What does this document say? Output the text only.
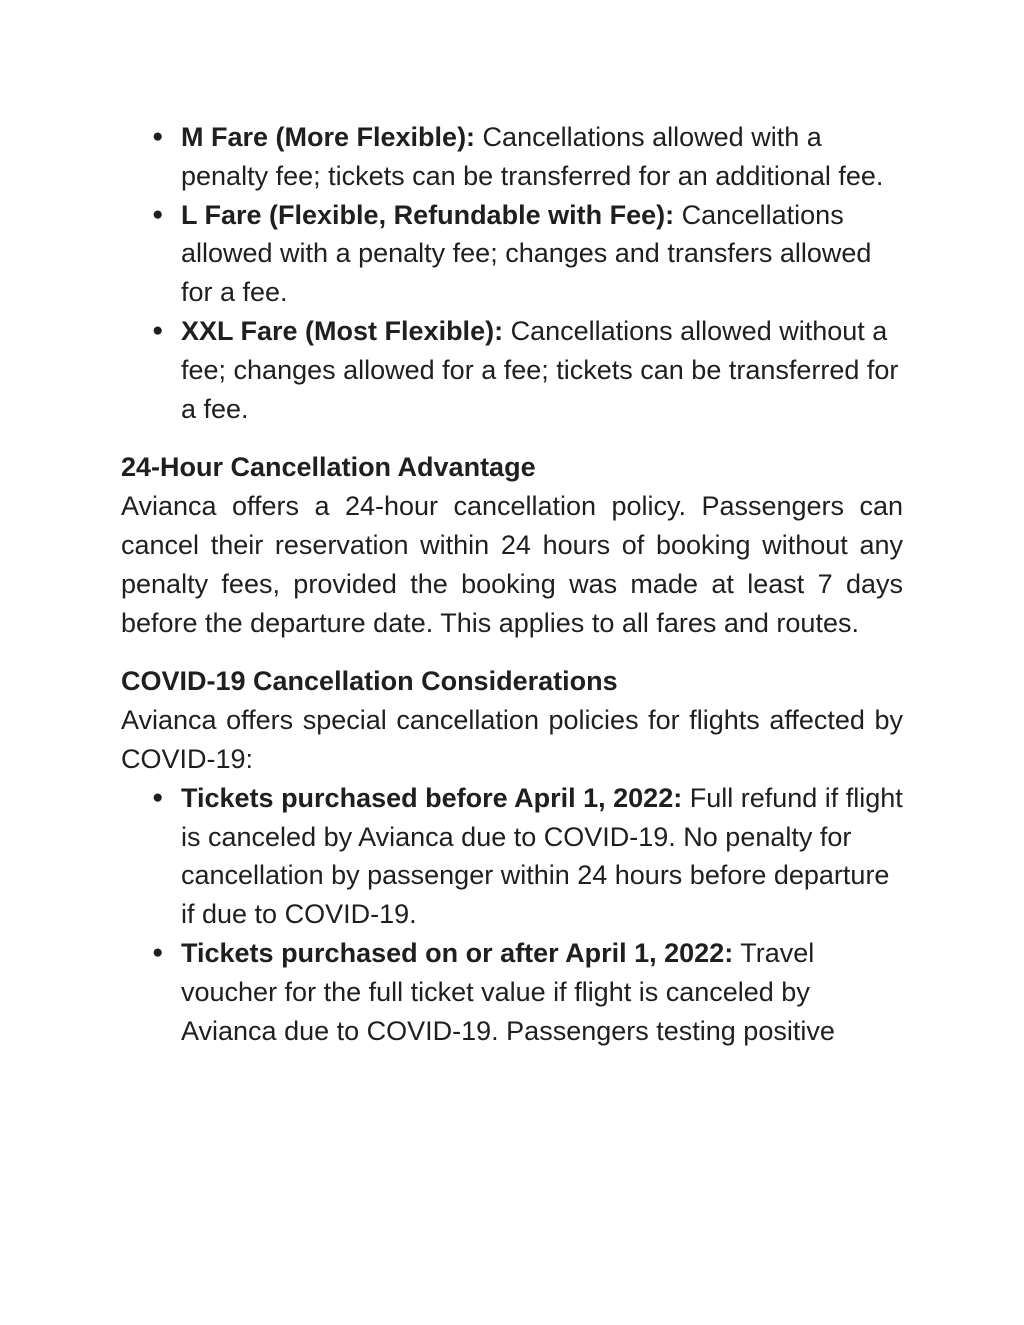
● M Fare (More Flexible): Cancellations allowed with a penalty fee; tickets can be transferred for an additional fee.
● L Fare (Flexible, Refundable with Fee): Cancellations allowed with a penalty fee; changes and transfers allowed for a fee.
● XXL Fare (Most Flexible): Cancellations allowed without a fee; changes allowed for a fee; tickets can be transferred for a fee.
24-Hour Cancellation Advantage

Avianca offers a 24-hour cancellation policy. Passengers can cancel their reservation within 24 hours of booking without any penalty fees, provided the booking was made at least 7 days before the departure date. This applies to all fares and routes.

COVID-19 Cancellation Considerations

Avianca offers special cancellation policies for flights affected by COVID-19:

● Tickets purchased before April 1, 2022: Full refund if flight is canceled by Avianca due to COVID-19. No penalty for cancellation by passenger within 24 hours before departure if due to COVID-19.
● Tickets purchased on or after April 1, 2022: Travel voucher for the full ticket value if flight is canceled by Avianca due to COVID-19. Passengers testing positive
